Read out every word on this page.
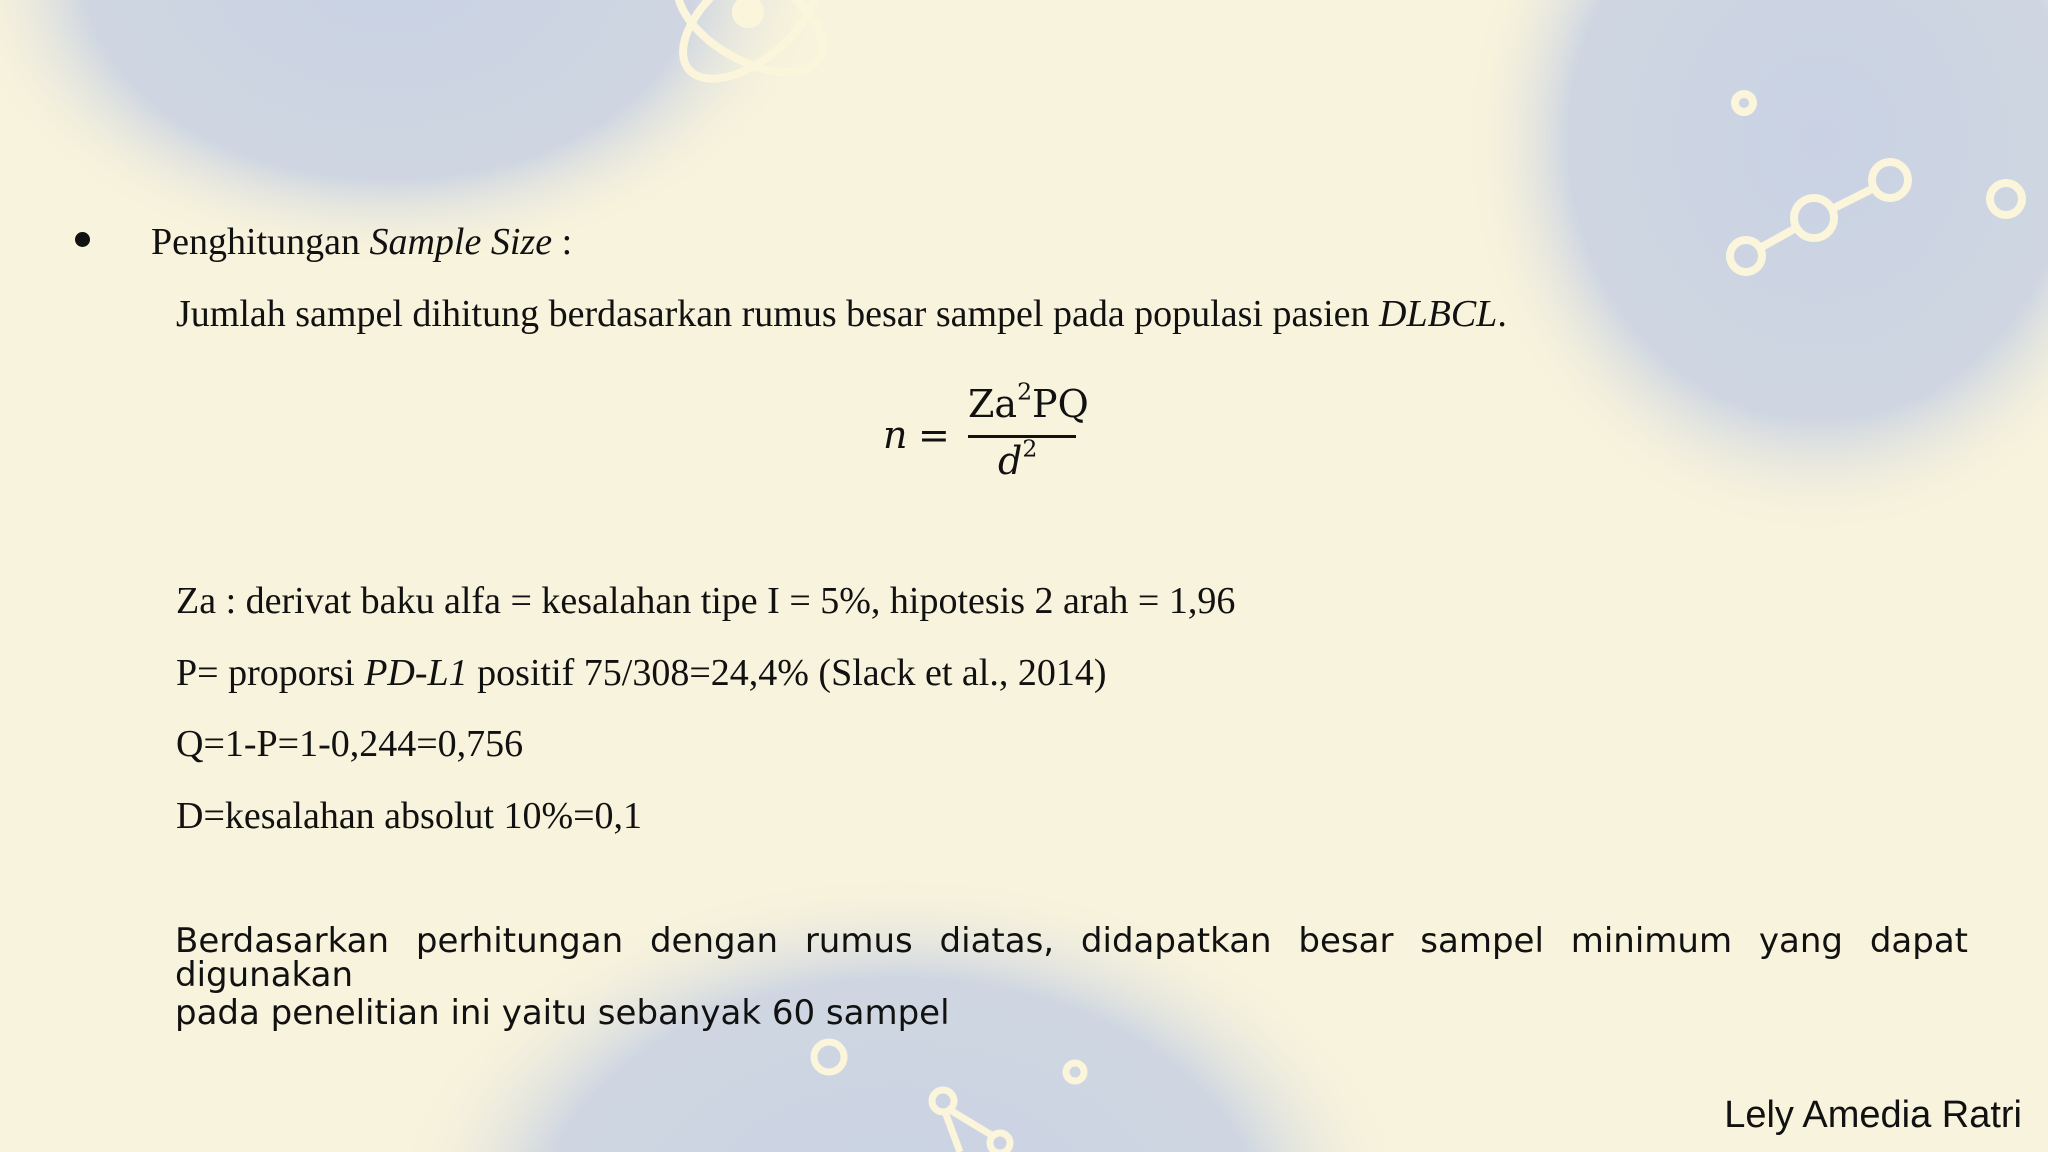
Penghitungan Sample Size :
Jumlah sampel dihitung berdasarkan rumus besar sampel pada populasi pasien DLBCL.
n =
$Za^2PQ$
$d^2$
Za : derivat baku alfa = kesalahan tipe I = 5%, hipotesis 2 arah = 1,96
P= proporsi PD-L1 positif 75/308=24,4% (Slack et al., 2014)
Q=1-P=1-0,244=0,756
D=kesalahan absolut 10%=0,1
Berdasarkan perhitungan dengan rumus diatas, didapatkan besar sampel minimum yang dapat digunakan
pada penelitian ini yaitu sebanyak 60 sampel
Lely Amedia Ratri
